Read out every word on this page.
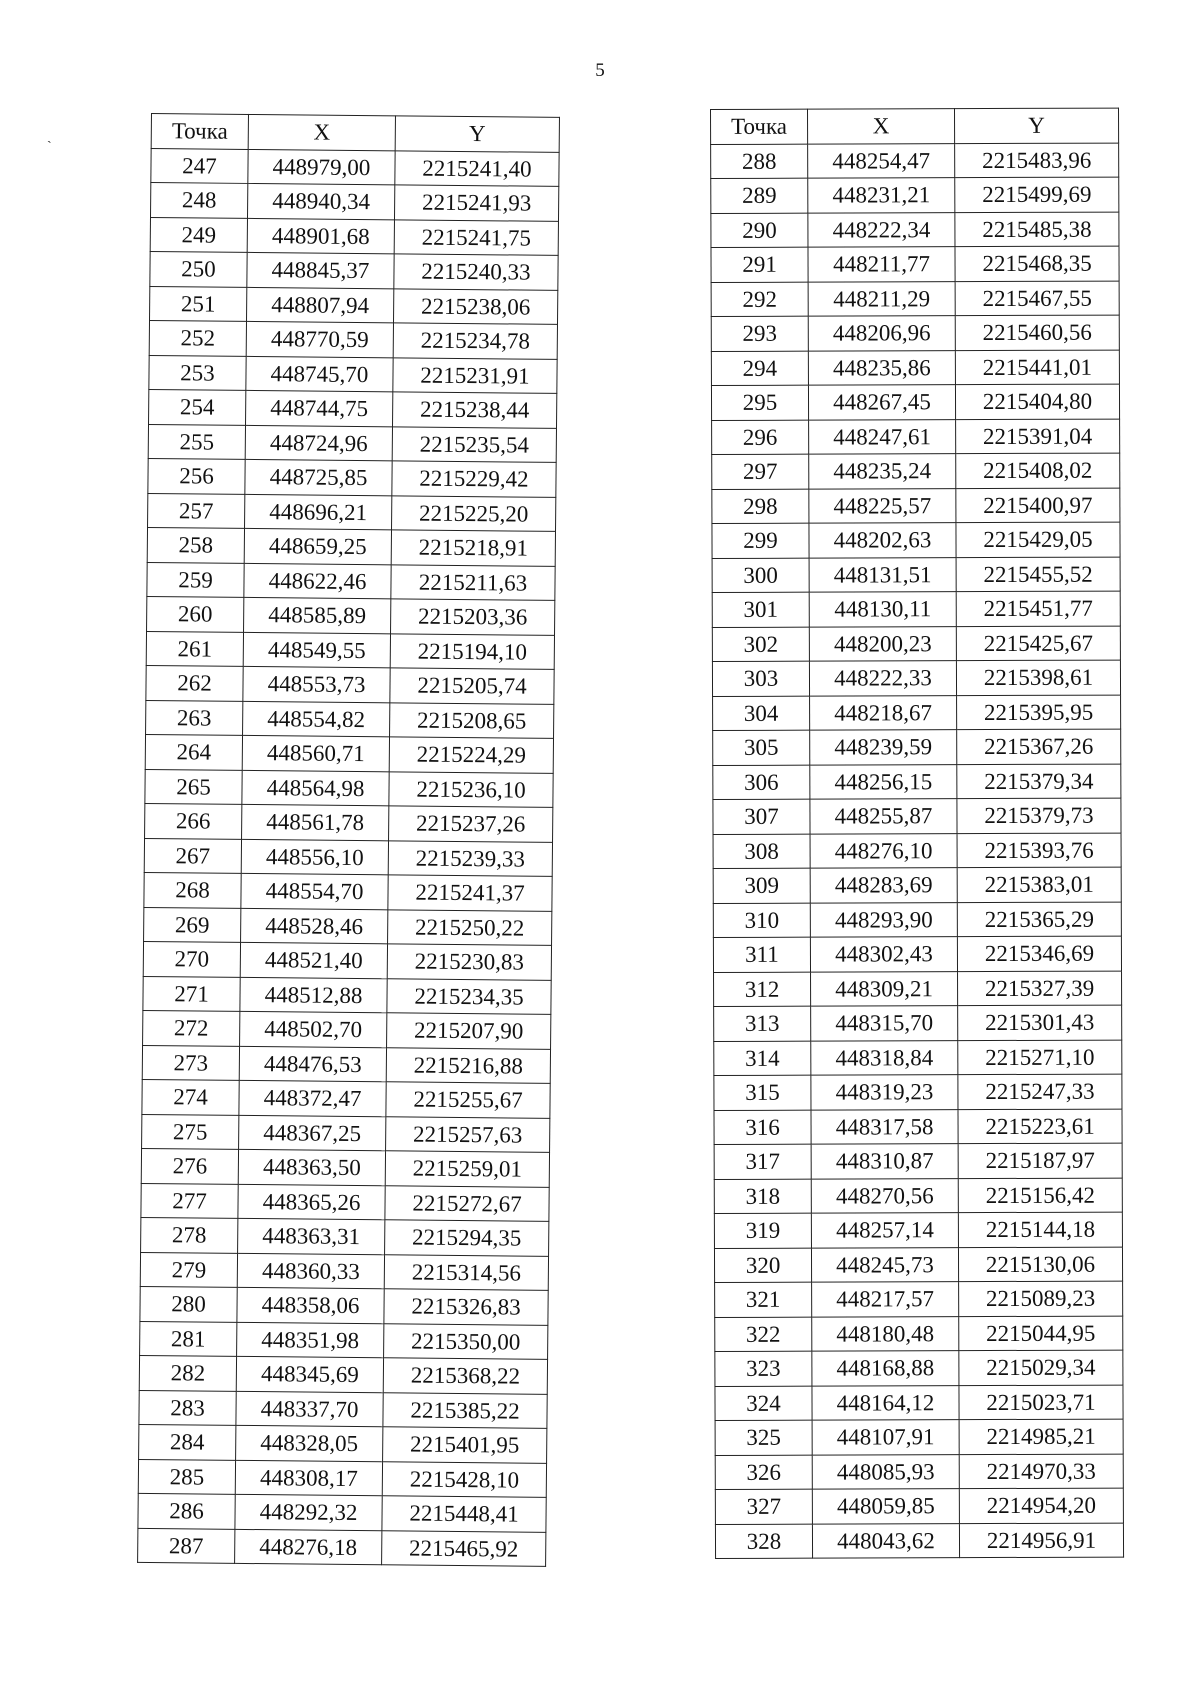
5
ˏ	Точка	X	Y
247	448979,00	2215241,40
248	448940,34	2215241,93
249	448901,68	2215241,75
250	448845,37	2215240,33
251	448807,94	2215238,06
252	448770,59	2215234,78
253	448745,70	2215231,91
254	448744,75	2215238,44
255	448724,96	2215235,54
256	448725,85	2215229,42
257	448696,21	2215225,20
258	448659,25	2215218,91
259	448622,46	2215211,63
260	448585,89	2215203,36
261	448549,55	2215194,10
262	448553,73	2215205,74
263	448554,82	2215208,65
264	448560,71	2215224,29
265	448564,98	2215236,10
266	448561,78	2215237,26
267	448556,10	2215239,33
268	448554,70	2215241,37
269	448528,46	2215250,22
270	448521,40	2215230,83
271	448512,88	2215234,35
272	448502,70	2215207,90
273	448476,53	2215216,88
274	448372,47	2215255,67
275	448367,25	2215257,63
276	448363,50	2215259,01
277	448365,26	2215272,67
278	448363,31	2215294,35
279	448360,33	2215314,56
280	448358,06	2215326,83
281	448351,98	2215350,00
282	448345,69	2215368,22
283	448337,70	2215385,22
284	448328,05	2215401,95
285	448308,17	2215428,10
286	448292,32	2215448,41
287	448276,18	2215465,92
Точка	X	Y
288	448254,47	2215483,96
289	448231,21	2215499,69
290	448222,34	2215485,38
291	448211,77	2215468,35
292	448211,29	2215467,55
293	448206,96	2215460,56
294	448235,86	2215441,01
295	448267,45	2215404,80
296	448247,61	2215391,04
297	448235,24	2215408,02
298	448225,57	2215400,97
299	448202,63	2215429,05
300	448131,51	2215455,52
301	448130,11	2215451,77
302	448200,23	2215425,67
303	448222,33	2215398,61
304	448218,67	2215395,95
305	448239,59	2215367,26
306	448256,15	2215379,34
307	448255,87	2215379,73
308	448276,10	2215393,76
309	448283,69	2215383,01
310	448293,90	2215365,29
311	448302,43	2215346,69
312	448309,21	2215327,39
313	448315,70	2215301,43
314	448318,84	2215271,10
315	448319,23	2215247,33
316	448317,58	2215223,61
317	448310,87	2215187,97
318	448270,56	2215156,42
319	448257,14	2215144,18
320	448245,73	2215130,06
321	448217,57	2215089,23
322	448180,48	2215044,95
323	448168,88	2215029,34
324	448164,12	2215023,71
325	448107,91	2214985,21
326	448085,93	2214970,33
327	448059,85	2214954,20
328	448043,62	2214956,91
